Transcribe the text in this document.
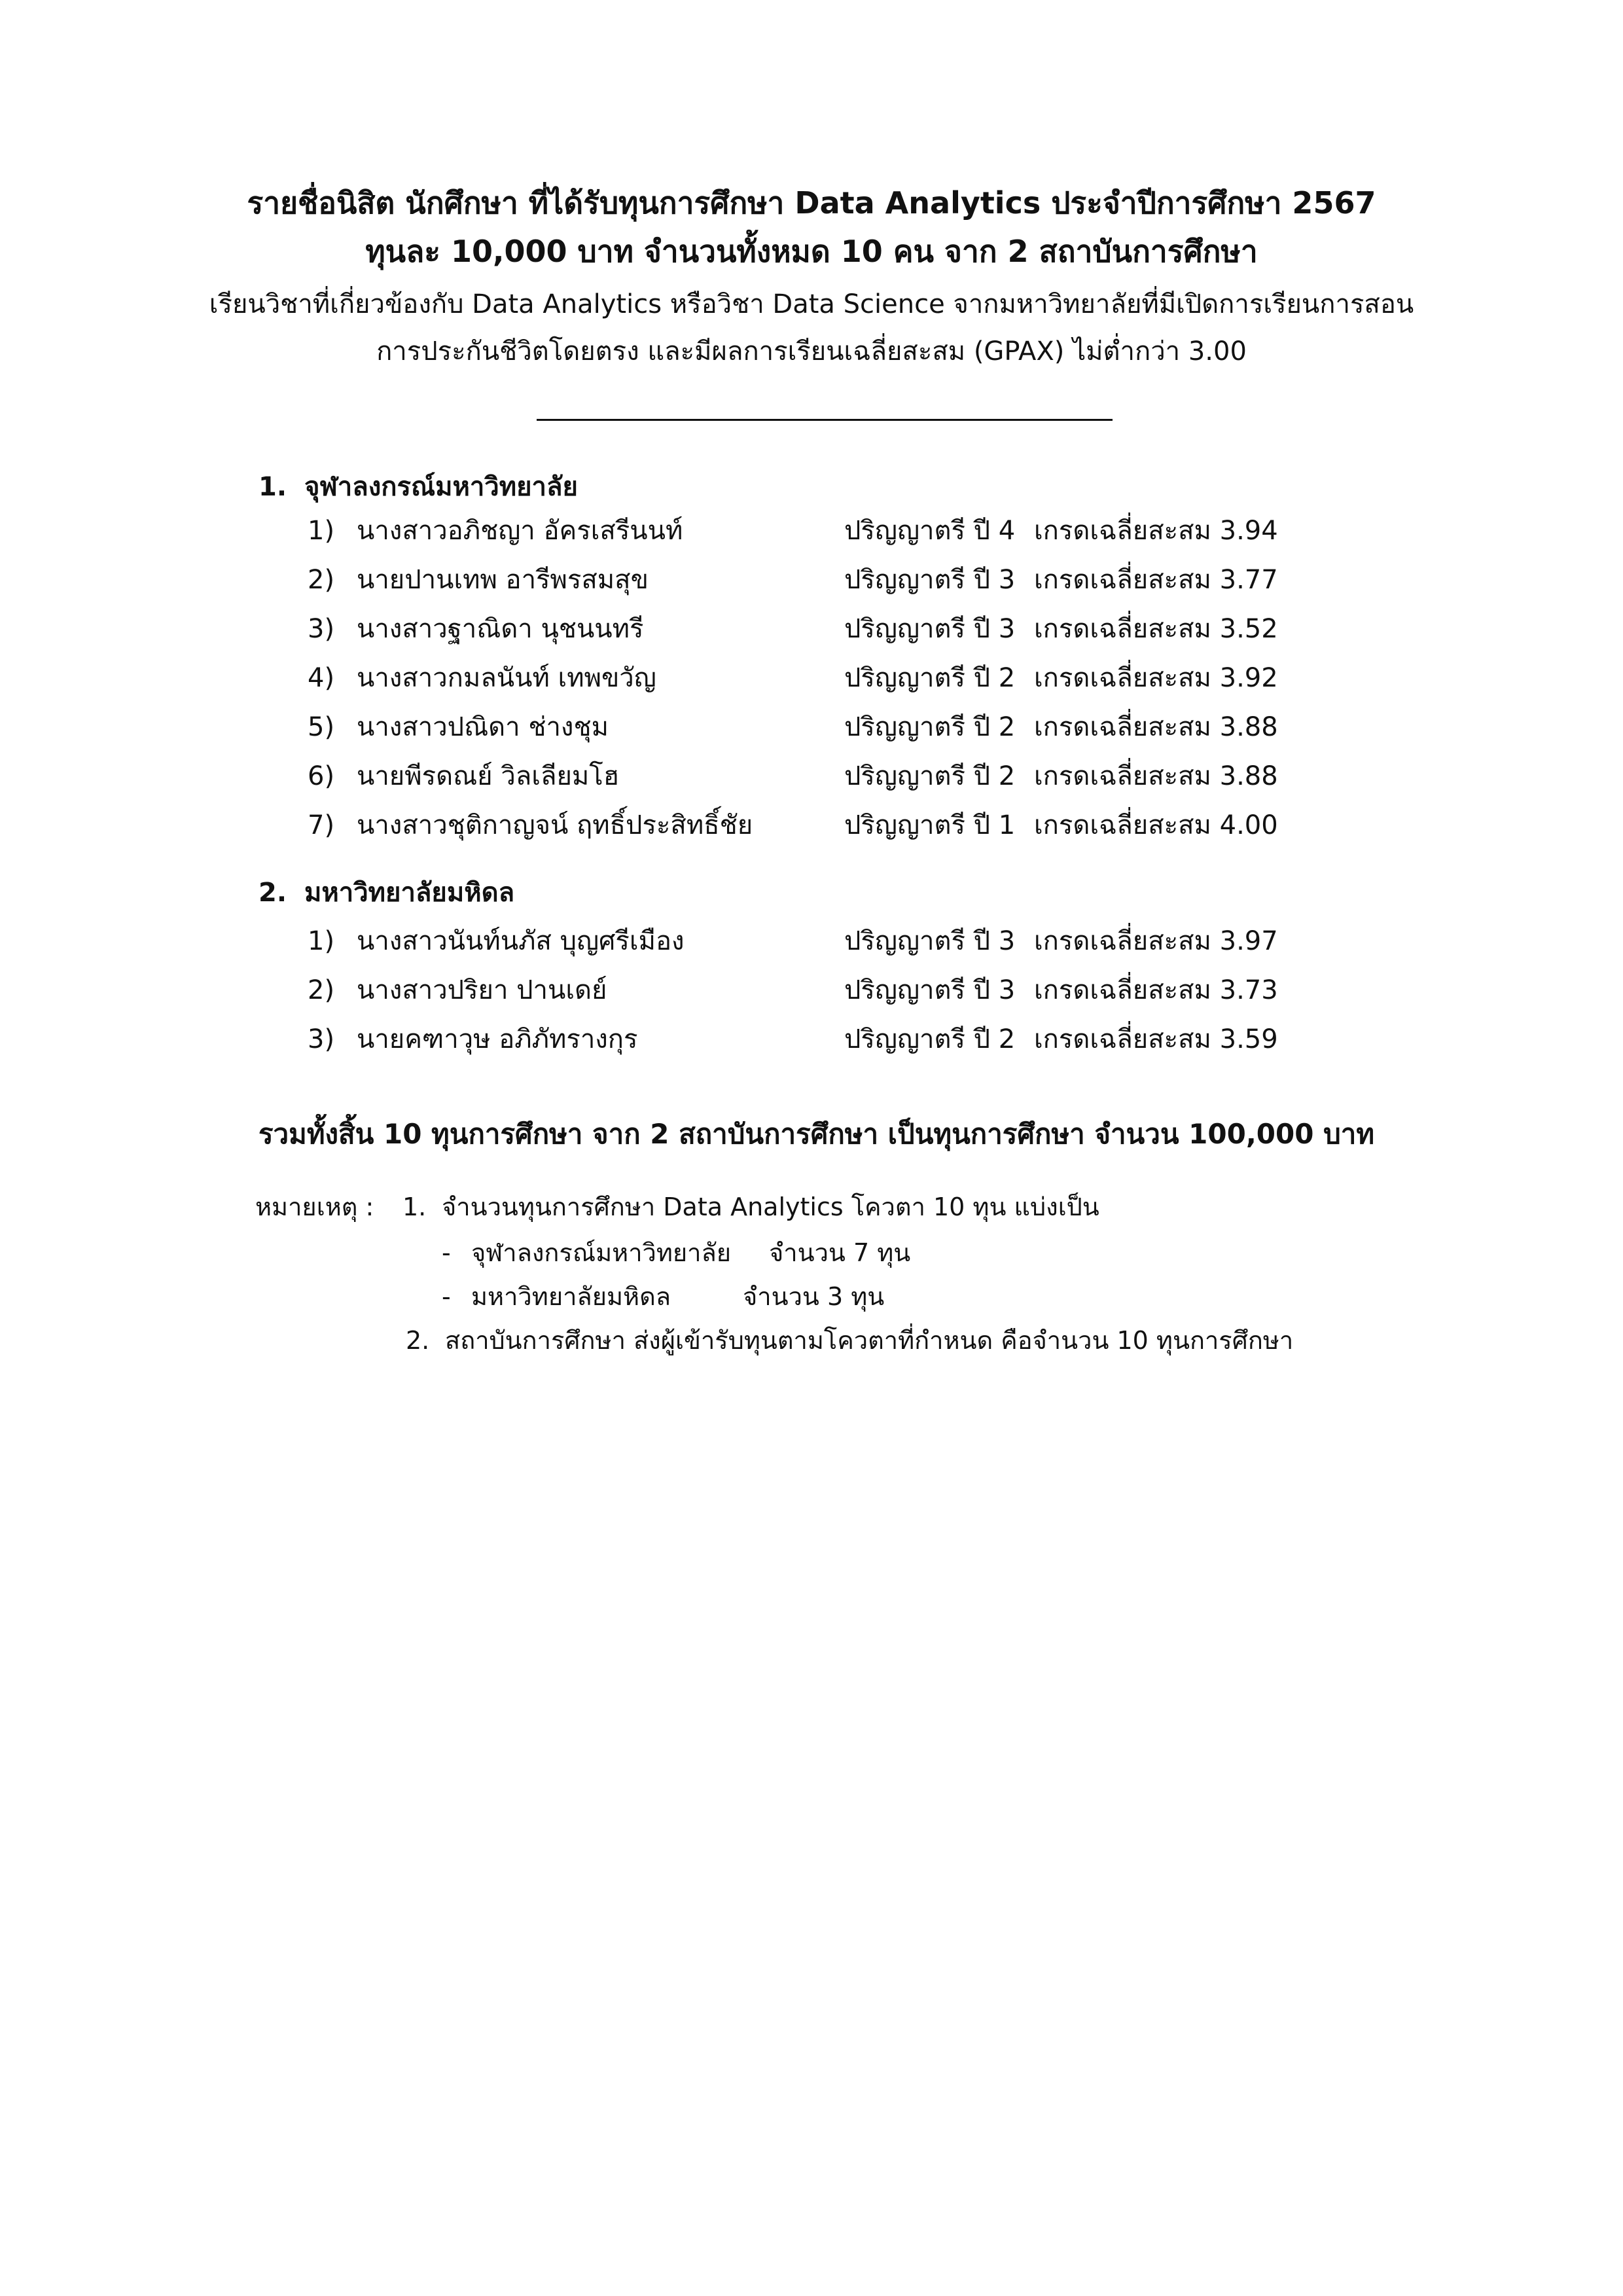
รายชื่อนิสิต นักศึกษา ที่ได้รับทุนการศึกษา Data Analytics ประจำปีการศึกษา 2567
ทุนละ 10,000 บาท จำนวนทั้งหมด 10 คน จาก 2 สถาบันการศึกษา
เรียนวิชาที่เกี่ยวข้องกับ Data Analytics หรือวิชา Data Science จากมหาวิทยาลัยที่มีเปิดการเรียนการสอน
การประกันชีวิตโดยตรง และมีผลการเรียนเฉลี่ยสะสม (GPAX) ไม่ต่ำกว่า 3.00
1. จุฬาลงกรณ์มหาวิทยาลัย
1) นางสาวอภิชญา อัครเสรีนนท์	ปริญญาตรี ปี 4 เกรดเฉลี่ยสะสม 3.94
2) นายปานเทพ อารีพรสมสุข	ปริญญาตรี ปี 3 เกรดเฉลี่ยสะสม 3.77
3) นางสาวฐาณิดา นุชนนทรี	ปริญญาตรี ปี 3 เกรดเฉลี่ยสะสม 3.52
4) นางสาวกมลนันท์ เทพขวัญ	ปริญญาตรี ปี 2 เกรดเฉลี่ยสะสม 3.92
5) นางสาวปณิดา ช่างชุม	ปริญญาตรี ปี 2 เกรดเฉลี่ยสะสม 3.88
6) นายพีรดณย์ วิลเลียมโฮ	ปริญญาตรี ปี 2 เกรดเฉลี่ยสะสม 3.88
7) นางสาวชุติกาญจน์ ฤทธิ์ประสิทธิ์ชัย	ปริญญาตรี ปี 1 เกรดเฉลี่ยสะสม 4.00
2. มหาวิทยาลัยมหิดล
1) นางสาวนันท์นภัส บุญศรีเมือง	ปริญญาตรี ปี 3 เกรดเฉลี่ยสะสม 3.97
2) นางสาวปริยา ปานเดย์	ปริญญาตรี ปี 3 เกรดเฉลี่ยสะสม 3.73
3) นายคฑาวุษ อภิภัทรางกุร	ปริญญาตรี ปี 2 เกรดเฉลี่ยสะสม 3.59
รวมทั้งสิ้น 10 ทุนการศึกษา จาก 2 สถาบันการศึกษา เป็นทุนการศึกษา จำนวน 100,000 บาท
หมายเหตุ : 1. จำนวนทุนการศึกษา Data Analytics โควตา 10 ทุน แบ่งเป็น
- จุฬาลงกรณ์มหาวิทยาลัย จำนวน 7 ทุน
- มหาวิทยาลัยมหิดล	จำนวน 3 ทุน
2. สถาบันการศึกษา ส่งผู้เข้ารับทุนตามโควตาที่กำหนด คือจำนวน 10 ทุนการศึกษา
